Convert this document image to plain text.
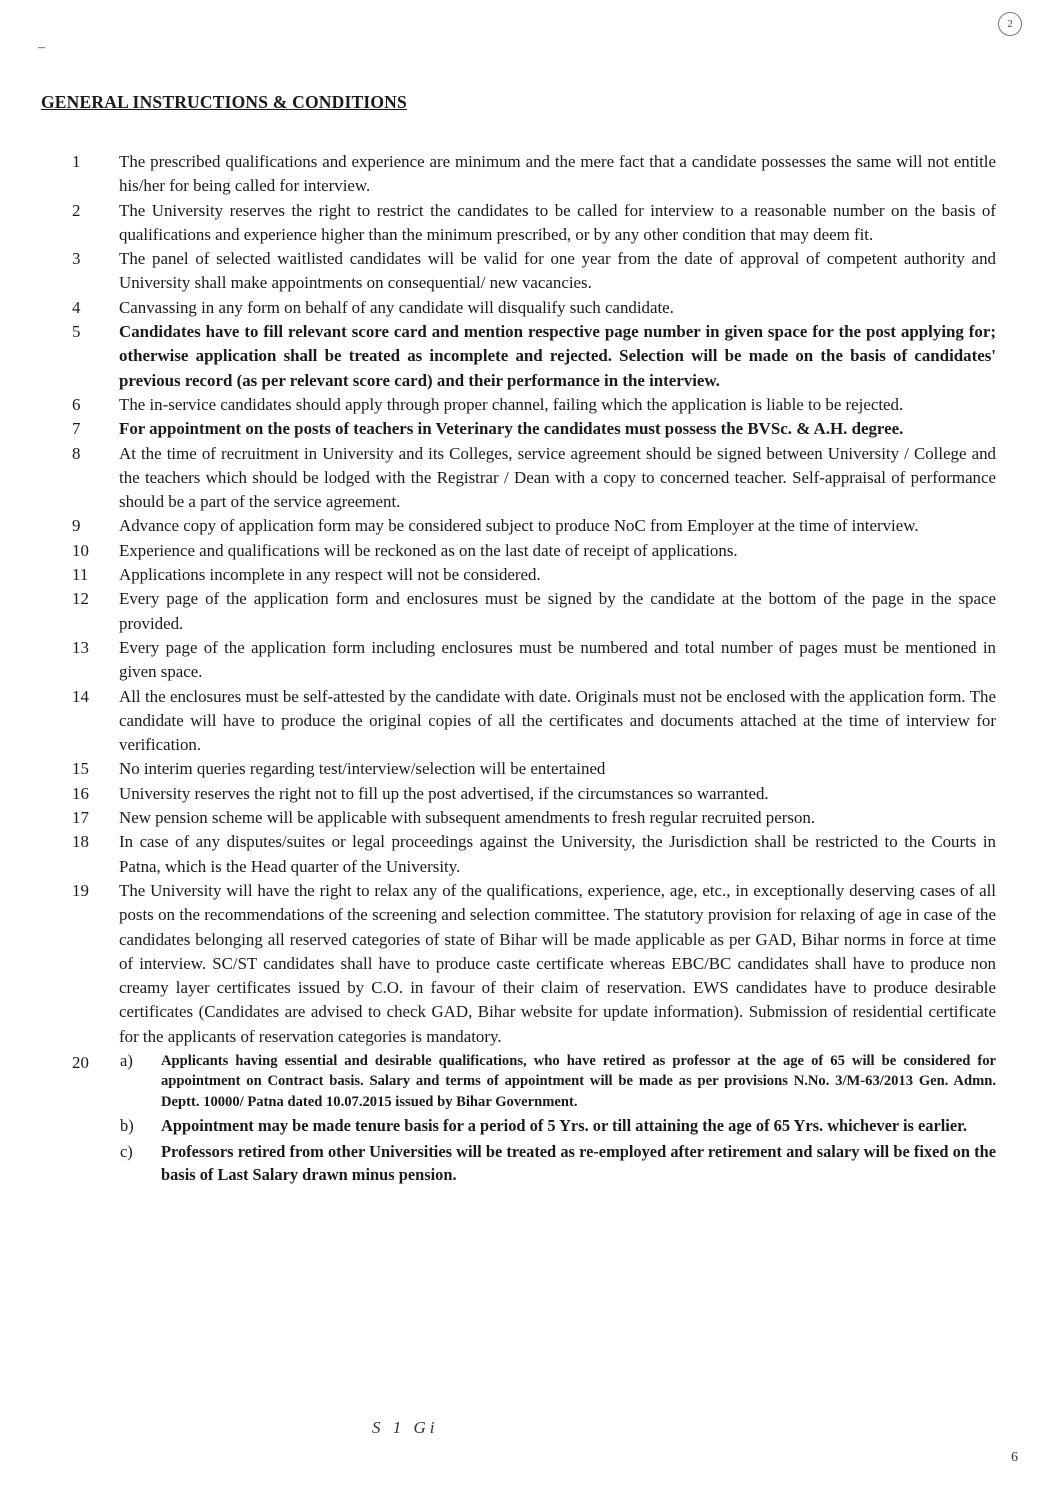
2
–
GENERAL INSTRUCTIONS & CONDITIONS

1	The prescribed qualifications and experience are minimum and the mere fact that a candidate possesses the same will not entitle his/her for being called for interview.

2	The University reserves the right to restrict the candidates to be called for interview to a reasonable number on the basis of qualifications and experience higher than the minimum prescribed, or by any other condition that may deem fit.

3	The panel of selected waitlisted candidates will be valid for one year from the date of approval of competent authority and University shall make appointments on consequential/ new vacancies.

4	Canvassing in any form on behalf of any candidate will disqualify such candidate.

5	Candidates have to fill relevant score card and mention respective page number in given space for the post applying for; otherwise application shall be treated as incomplete and rejected. Selection will be made on the basis of candidates' previous record (as per relevant score card) and their performance in the interview.

6	The in-service candidates should apply through proper channel, failing which the application is liable to be rejected.

7	For appointment on the posts of teachers in Veterinary the candidates must possess the BVSc. & A.H. degree.

8	At the time of recruitment in University and its Colleges, service agreement should be signed between University / College and the teachers which should be lodged with the Registrar / Dean with a copy to concerned teacher. Self-appraisal of performance should be a part of the service agreement.

9	Advance copy of application form may be considered subject to produce NoC from Employer at the time of interview.

10	Experience and qualifications will be reckoned as on the last date of receipt of applications.

11	Applications incomplete in any respect will not be considered.

12	Every page of the application form and enclosures must be signed by the candidate at the bottom of the page in the space provided.

13	Every page of the application form including enclosures must be numbered and total number of pages must be mentioned in given space.

14	All the enclosures must be self-attested by the candidate with date. Originals must not be enclosed with the application form. The candidate will have to produce the original copies of all the certificates and documents attached at the time of interview for verification.

15	No interim queries regarding test/interview/selection will be entertained

16	University reserves the right not to fill up the post advertised, if the circumstances so warranted.

17	New pension scheme will be applicable with subsequent amendments to fresh regular recruited person.

18	In case of any disputes/suites or legal proceedings against the University, the Jurisdiction shall be restricted to the Courts in Patna, which is the Head quarter of the University.

19	The University will have the right to relax any of the qualifications, experience, age, etc., in exceptionally deserving cases of all posts on the recommendations of the screening and selection committee. The statutory provision for relaxing of age in case of the candidates belonging all reserved categories of state of Bihar will be made applicable as per GAD, Bihar norms in force at time of interview. SC/ST candidates shall have to produce caste certificate whereas EBC/BC candidates shall have to produce non creamy layer certificates issued by C.O. in favour of their claim of reservation. EWS candidates have to produce desirable certificates (Candidates are advised to check GAD, Bihar website for update information). Submission of residential certificate for the applicants of reservation categories is mandatory.

20 a) Applicants having essential and desirable qualifications, who have retired as professor at the age of 65 will be considered for appointment on Contract basis. Salary and terms of appointment will be made as per provisions N.No. 3/M-63/2013 Gen. Admn. Deptt. 10000/ Patna dated 10.07.2015 issued by Bihar Government.

b) Appointment may be made tenure basis for a period of 5 Yrs. or till attaining the age of 65 Yrs. whichever is earlier.

c) Professors retired from other Universities will be treated as re-employed after retirement and salary will be fixed on the basis of Last Salary drawn minus pension.

S 1 Gi
6
